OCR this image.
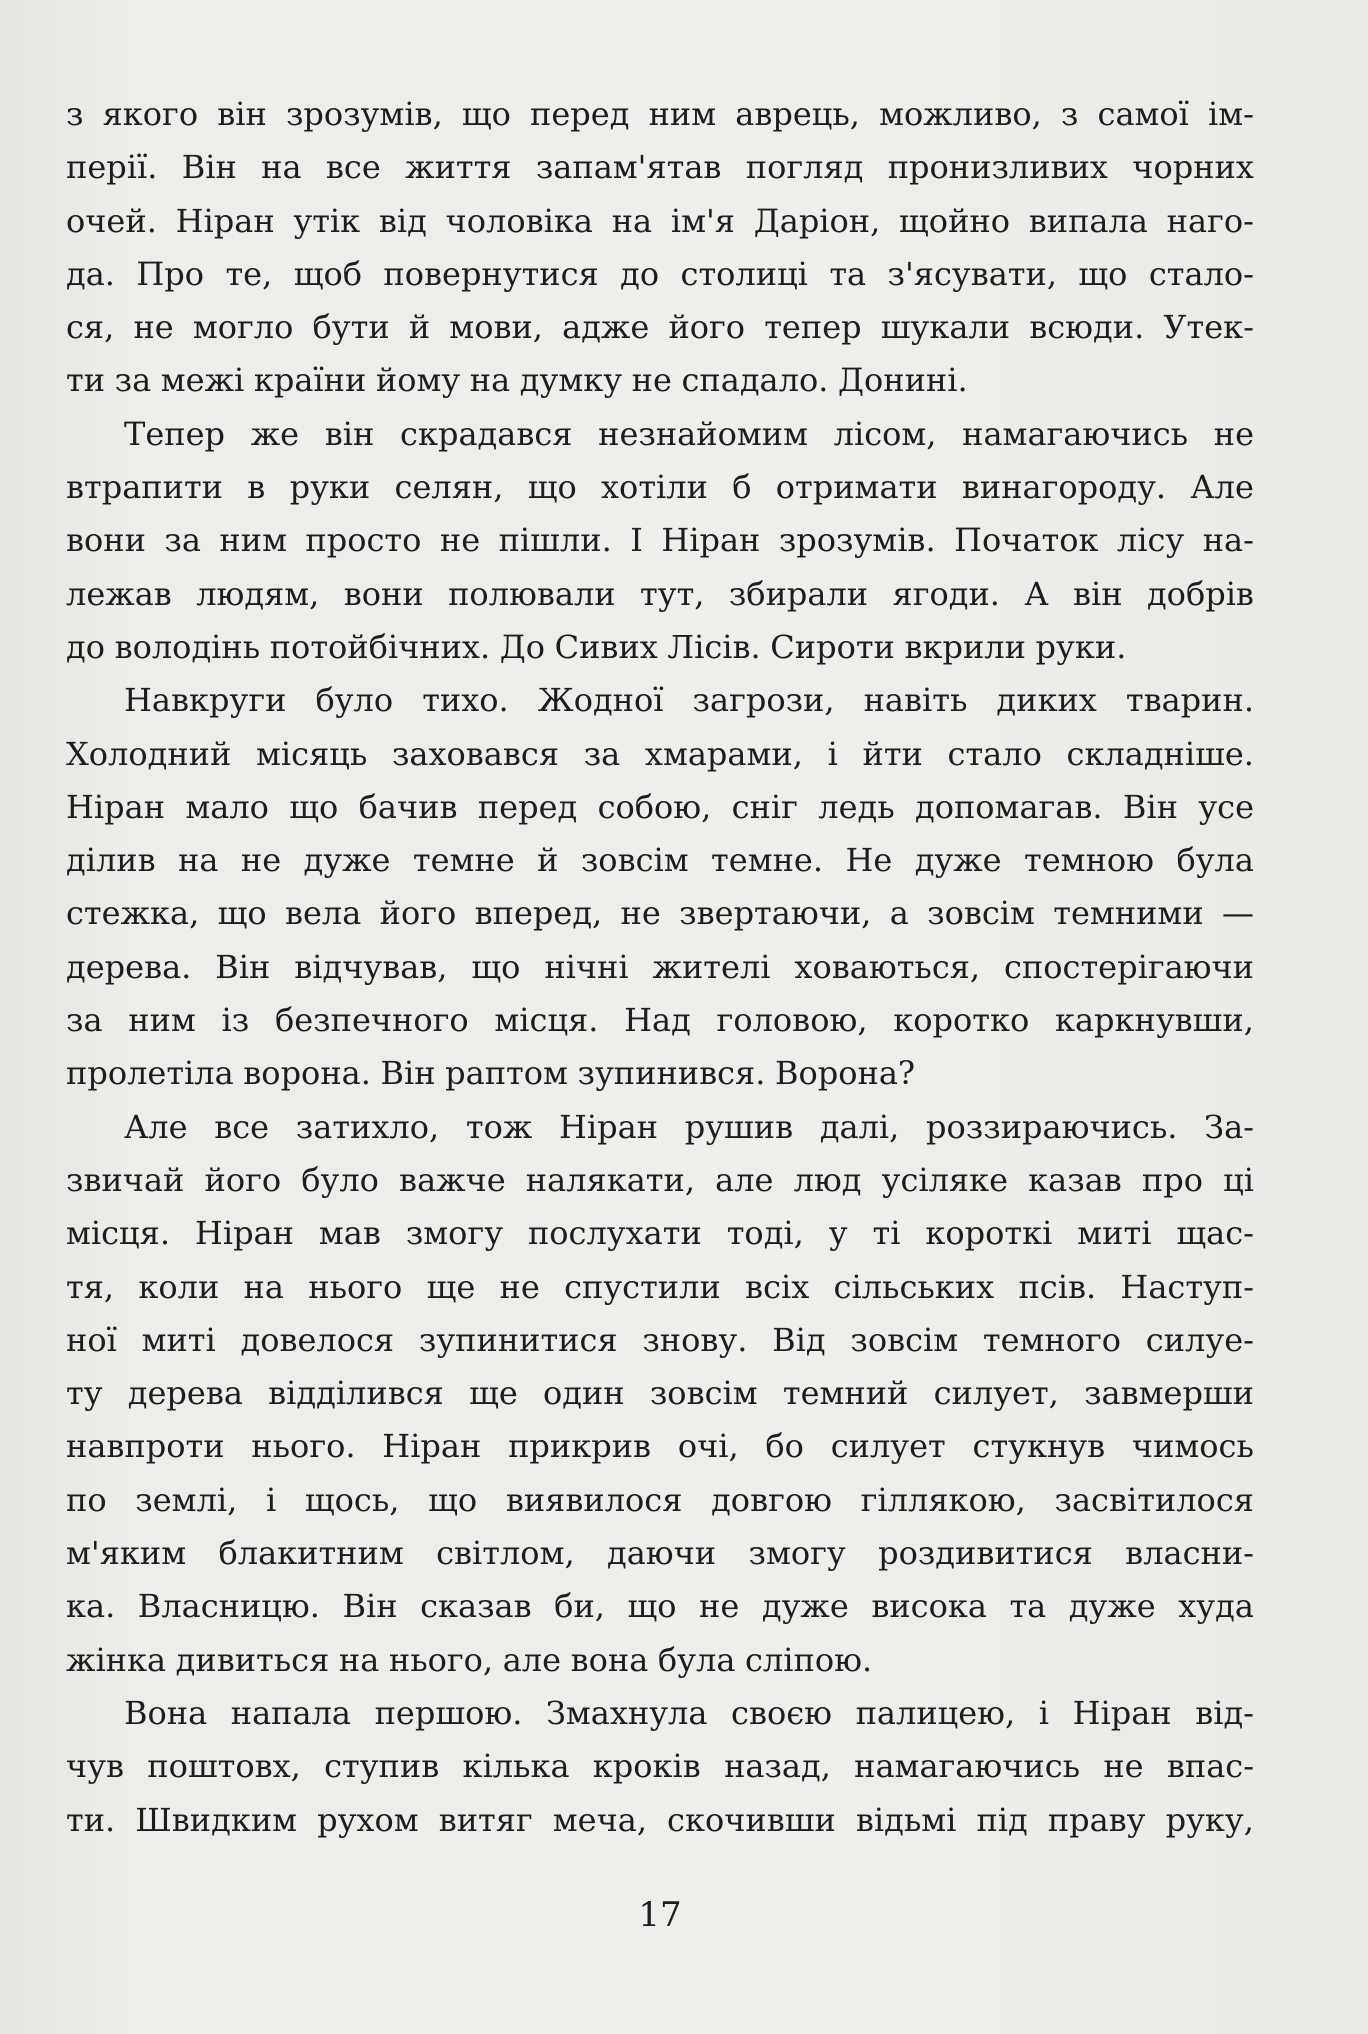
з якого він зрозумів, що перед ним аврець, можливо, з самої ім-
перії. Він на все життя запам'ятав погляд пронизливих чорних
очей. Ніран утік від чоловіка на ім'я Даріон, щойно випала наго-
да. Про те, щоб повернутися до столиці та з'ясувати, що стало-
ся, не могло бути й мови, адже його тепер шукали всюди. Утек-
ти за межі країни йому на думку не спадало. Донині.
Тепер же він скрадався незнайомим лісом, намагаючись не
втрапити в руки селян, що хотіли б отримати винагороду. Але
вони за ним просто не пішли. І Ніран зрозумів. Початок лісу на-
лежав людям, вони полювали тут, збирали ягоди. А він добрів
до володінь потойбічних. До Сивих Лісів. Сироти вкрили руки.
Навкруги було тихо. Жодної загрози, навіть диких тварин.
Холодний місяць заховався за хмарами, і йти стало складніше.
Ніран мало що бачив перед собою, сніг ледь допомагав. Він усе
ділив на не дуже темне й зовсім темне. Не дуже темною була
стежка, що вела його вперед, не звертаючи, а зовсім темними —
дерева. Він відчував, що нічні жителі ховаються, спостерігаючи
за ним із безпечного місця. Над головою, коротко каркнувши,
пролетіла ворона. Він раптом зупинився. Ворона?
Але все затихло, тож Ніран рушив далі, роззираючись. За-
звичай його було важче налякати, але люд усіляке казав про ці
місця. Ніран мав змогу послухати тоді, у ті короткі миті щас-
тя, коли на нього ще не спустили всіх сільських псів. Наступ-
ної миті довелося зупинитися знову. Від зовсім темного силуе-
ту дерева відділився ще один зовсім темний силует, завмерши
навпроти нього. Ніран прикрив очі, бо силует стукнув чимось
по землі, і щось, що виявилося довгою гіллякою, засвітилося
м'яким блакитним світлом, даючи змогу роздивитися власни-
ка. Власницю. Він сказав би, що не дуже висока та дуже худа
жінка дивиться на нього, але вона була сліпою.
Вона напала першою. Змахнула своєю палицею, і Ніран від-
чув поштовх, ступив кілька кроків назад, намагаючись не впас-
ти. Швидким рухом витяг меча, скочивши відьмі під праву руку,
17
